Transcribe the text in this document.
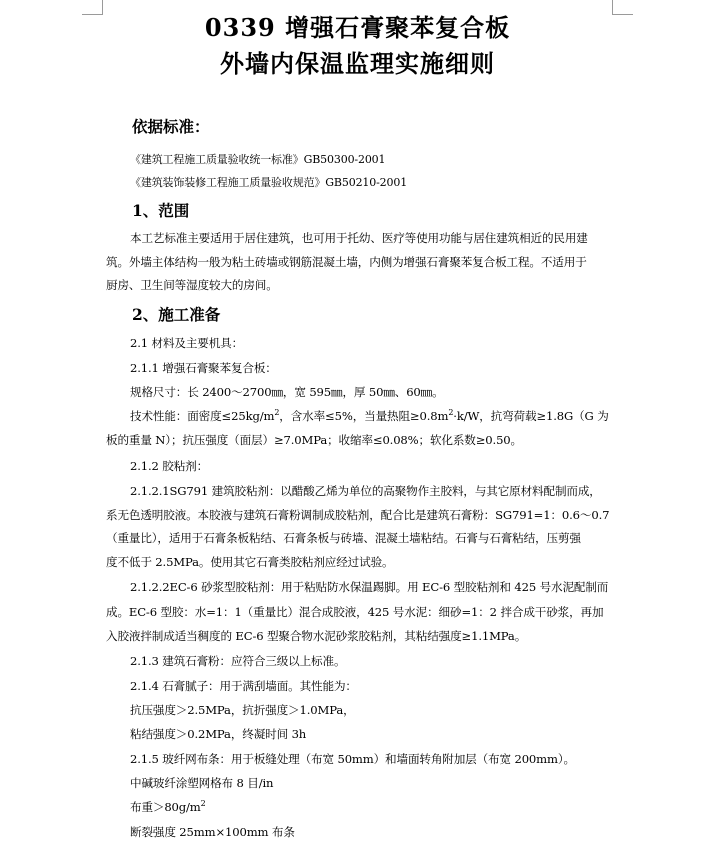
0339 增强石膏聚苯复合板
外墙内保温监理实施细则
依据标准：
《建筑工程施工质量验收统一标准》GB50300-2001
《建筑装饰装修工程施工质量验收规范》GB50210-2001
1、范围
本工艺标准主要适用于居住建筑，也可用于托幼、医疗等使用功能与居住建筑相近的民用建
筑。外墙主体结构一般为粘土砖墙或钢筋混凝土墙，内侧为增强石膏聚苯复合板工程。不适用于
厨房、卫生间等湿度较大的房间。
2、施工准备
2.1 材料及主要机具：
2.1.1 增强石膏聚苯复合板：
规格尺寸：长 2400～2700㎜，宽 595㎜，厚 50㎜、60㎜。
技术性能：面密度$\le 25kg/m^2$，含水率≤5%，当量热阻$\ge 0.8m^2\cdot k/W$，抗弯荷载≥1.8G（G 为
板的重量 N）；抗压强度（面层）≥7.0MPa；收缩率≤0.08%；软化系数≥0.50。
2.1.2 胶粘剂：
2.1.2.1SG791 建筑胶粘剂：以醋酸乙烯为单位的高聚物作主胶料，与其它原材料配制而成，
系无色透明胶液。本胶液与建筑石膏粉调制成胶粘剂，配合比是建筑石膏粉：SG791=1：0.6～0.7
（重量比），适用于石膏条板粘结、石膏条板与砖墙、混凝土墙粘结。石膏与石膏粘结，压剪强
度不低于 2.5MPa。使用其它石膏类胶粘剂应经过试验。
2.1.2.2EC-6 砂浆型胶粘剂：用于粘贴防水保温踢脚。用 EC-6 型胶粘剂和 425 号水泥配制而
成。EC-6 型胶：水=1：1（重量比）混合成胶液，425 号水泥：细砂=1：2 拌合成干砂浆，再加
入胶液拌制成适当稠度的 EC-6 型聚合物水泥砂浆胶粘剂，其粘结强度≥1.1MPa。
2.1.3 建筑石膏粉：应符合三级以上标准。
2.1.4 石膏腻子：用于满刮墙面。其性能为：
抗压强度＞2.5MPa，抗折强度＞1.0MPa，
粘结强度＞0.2MPa，终凝时间 3h
2.1.5 玻纤网布条：用于板缝处理（布宽 50mm）和墙面转角附加层（布宽 200mm）。
中碱玻纤涂塑网格布 8 目/in
布重$>80g/m^2$
断裂强度 25mm×100mm 布条
